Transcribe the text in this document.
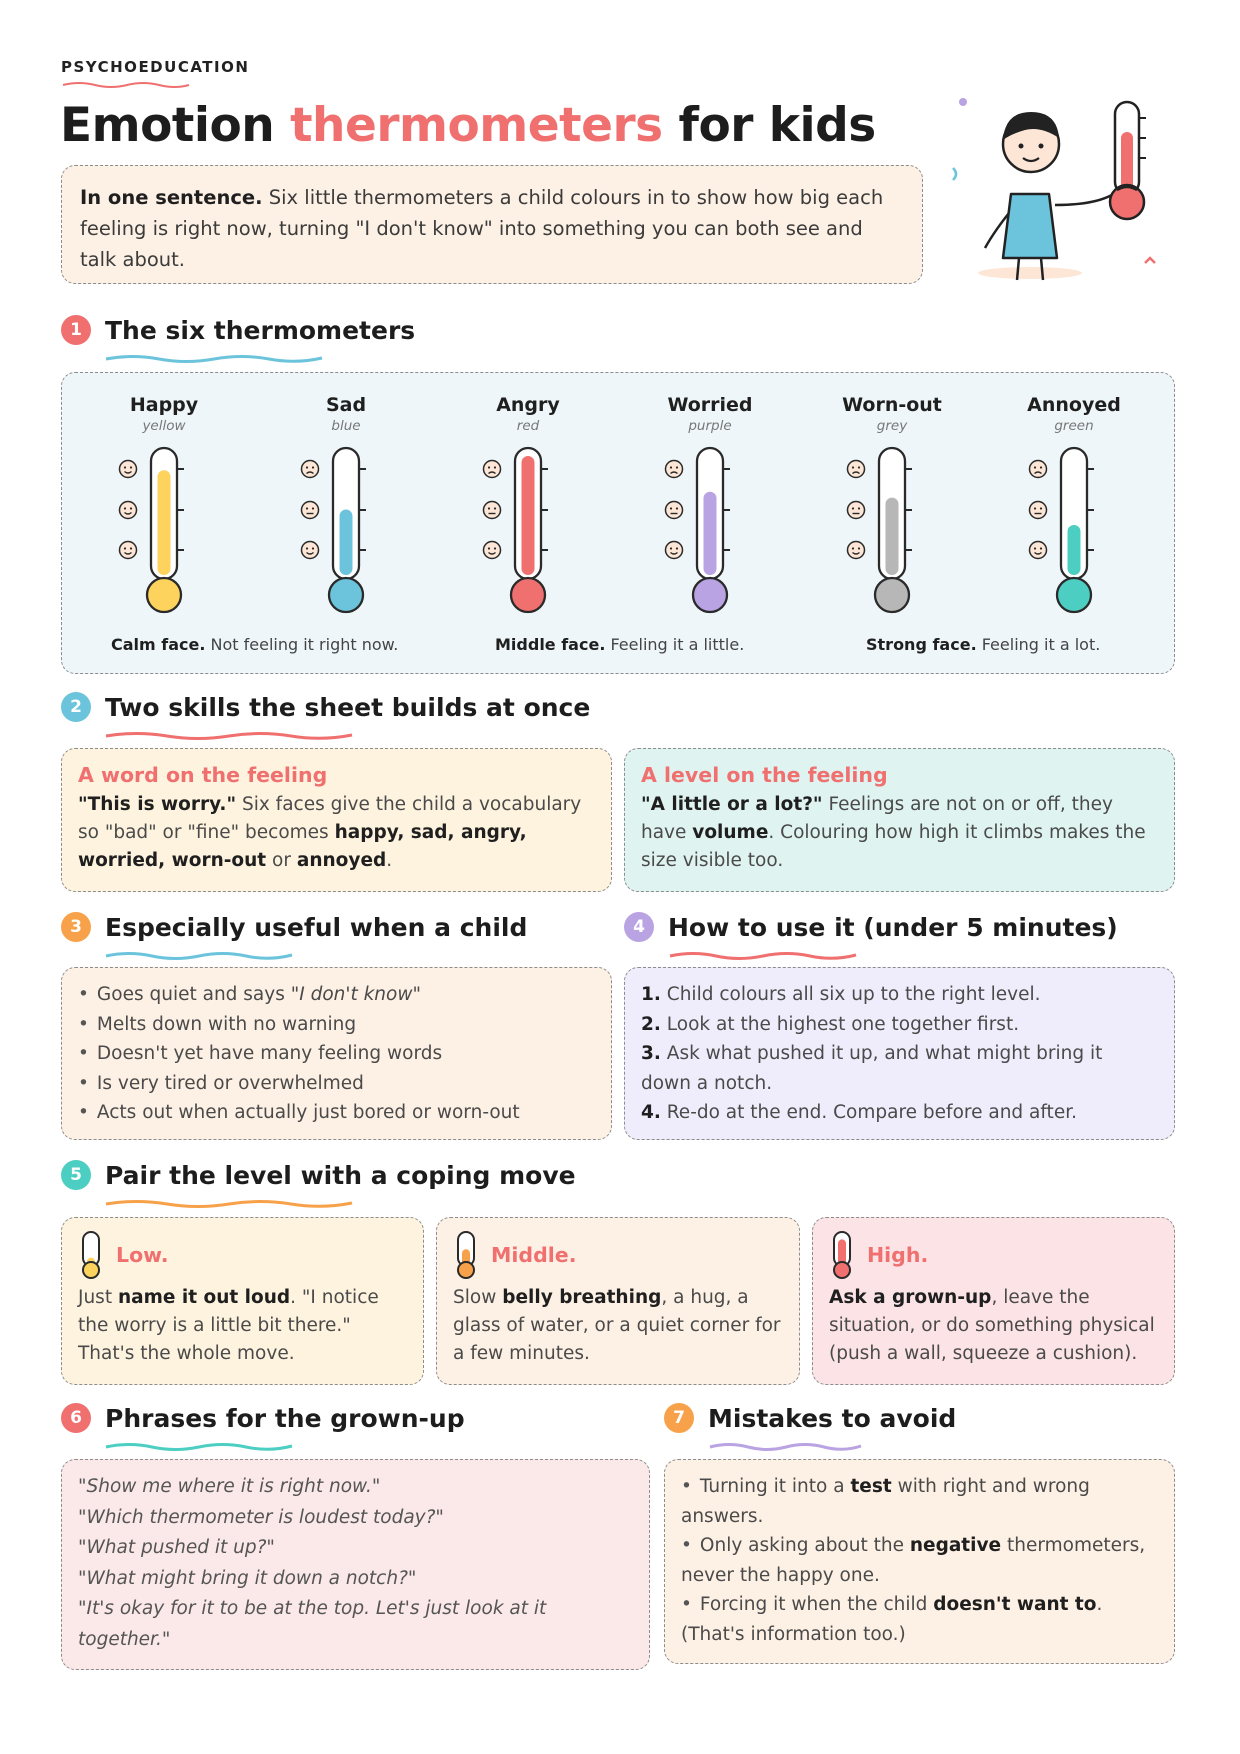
PSYCHOEDUCATION
Emotion thermometers for kids
In one sentence. Six little thermometers a child colours in to show how big each feeling is right now, turning "I don't know" into something you can both see and talk about.
1 The six thermometers
Happy
yellow
Sad
blue
Angry
red
Worried
purple
Worn-out
grey
Annoyed
green
Calm face. Not feeling it right now.	Middle face. Feeling it a little.	Strong face. Feeling it a lot.
2 Two skills the sheet builds at once
A word on the feeling
"This is worry." Six faces give the child a vocabulary so "bad" or "fine" becomes happy, sad, angry, worried, worn-out or annoyed.
A level on the feeling
"A little or a lot?" Feelings are not on or off, they have volume. Colouring how high it climbs makes the size visible too.
3 Especially useful when a child
• Goes quiet and says "I don't know"
• Melts down with no warning
• Doesn't yet have many feeling words
• Is very tired or overwhelmed
• Acts out when actually just bored or worn-out
4 How to use it (under 5 minutes)
1. Child colours all six up to the right level.
2. Look at the highest one together first.
3. Ask what pushed it up, and what might bring it down a notch.
4. Re-do at the end. Compare before and after.
5 Pair the level with a coping move
Low.
Just name it out loud. "I notice the worry is a little bit there." That's the whole move.
Middle.
Slow belly breathing, a hug, a glass of water, or a quiet corner for a few minutes.
High.
Ask a grown-up, leave the situation, or do something physical (push a wall, squeeze a cushion).
6 Phrases for the grown-up
"Show me where it is right now."
"Which thermometer is loudest today?"
"What pushed it up?"
"What might bring it down a notch?"
"It's okay for it to be at the top. Let's just look at it together."
7 Mistakes to avoid
• Turning it into a test with right and wrong answers.
• Only asking about the negative thermometers, never the happy one.
• Forcing it when the child doesn't want to. (That's information too.)
